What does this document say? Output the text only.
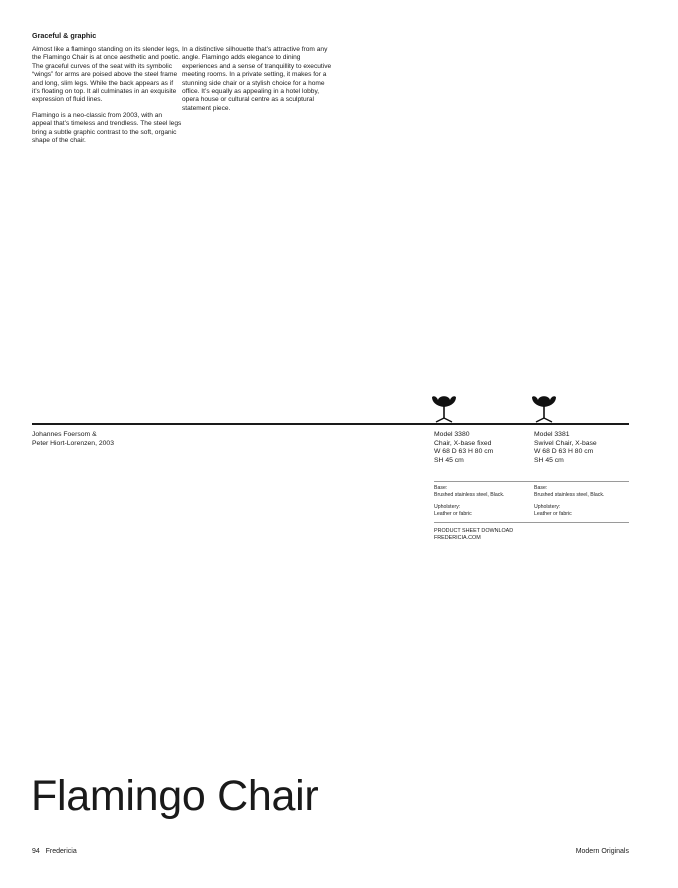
Graceful & graphic

Almost like a flamingo standing on its slender legs, the Flamingo Chair is at once aesthetic and poetic. The graceful curves of the seat with its symbolic “wings” for arms are poised above the steel frame and long, slim legs. While the back appears as if it’s floating on top. It all culminates in an exquisite expression of fluid lines.

Flamingo is a neo-classic from 2003, with an appeal that’s timeless and trendless. The steel legs bring a subtle graphic contrast to the soft, organic shape of the chair.

In a distinctive silhouette that’s attractive from any angle. Flamingo adds elegance to dining experiences and a sense of tranquillity to executive meeting rooms. In a private setting, it makes for a stunning side chair or a stylish choice for a home office. It’s equally as appealing in a hotel lobby, opera house or cultural centre as a sculptural statement piece.

Johannes Foersom &
Peter Hiort-Lorenzen, 2003
Model 3380
Chair, X-base fixed
W 68 D 63 H 80 cm
SH 45 cm
Model 3381
Swivel Chair, X-base
W 68 D 63 H 80 cm
SH 45 cm
Base:
Brushed stainless steel, Black.
Base:
Brushed stainless steel, Black.
Upholstery:
Leather or fabric
Upholstery:
Leather or fabric
PRODUCT SHEET DOWNLOAD
FREDERICIA.COM
Flamingo Chair
94   Fredericia	Modern Originals
